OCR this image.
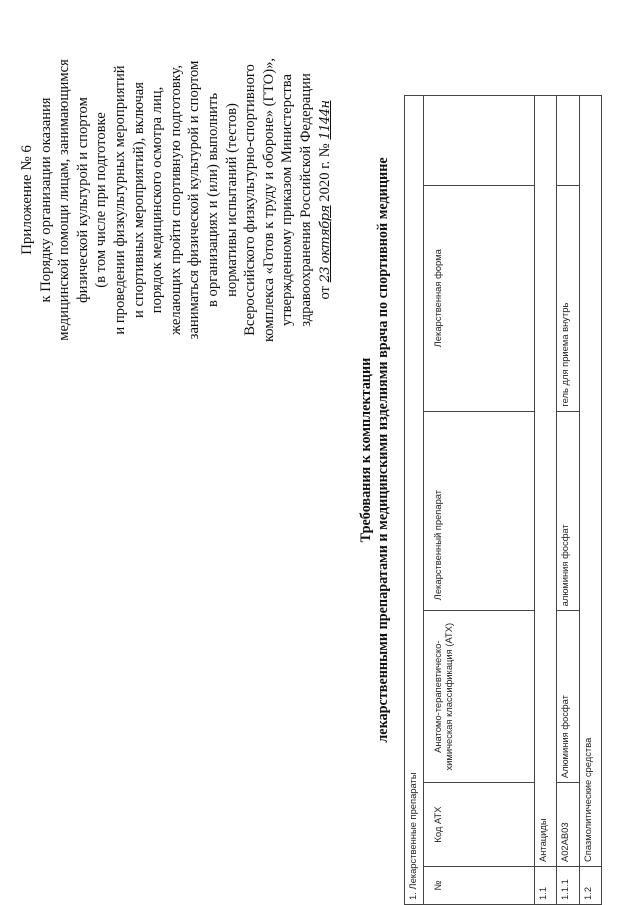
Приложение № 6 к Порядку организации оказания медицинской помощи лицам, занимающимся физической культурой и спортом (в том числе при подготовке и проведении физкультурных мероприятий и спортивных мероприятий), включая порядок медицинского осмотра лиц, желающих пройти спортивную подготовку, заниматься физической культурой и спортом в организациях и (или) выполнить нормативы испытаний (тестов) Всероссийского физкультурно-спортивного комплекса «Готов к труду и обороне» (ГТО)», утвержденному приказом Министерства здравоохранения Российской Федерации от 23 октября 2020 г. № 1144н
Требования к комплектации лекарственными препаратами и медицинскими изделиями врача по спортивной медицине
1. Лекарственные препараты					
№	Код АТХ	Анатомо-терапевтическо-химическая классификация (АТХ)	Лекарственный препарат	Лекарственная форма	
1.1	Антациды				
1.1.1	A02AB03	Алюминия фосфат	алюминия фосфат	гель для приема внутрь	
1.2	Спазмолитические средства				
